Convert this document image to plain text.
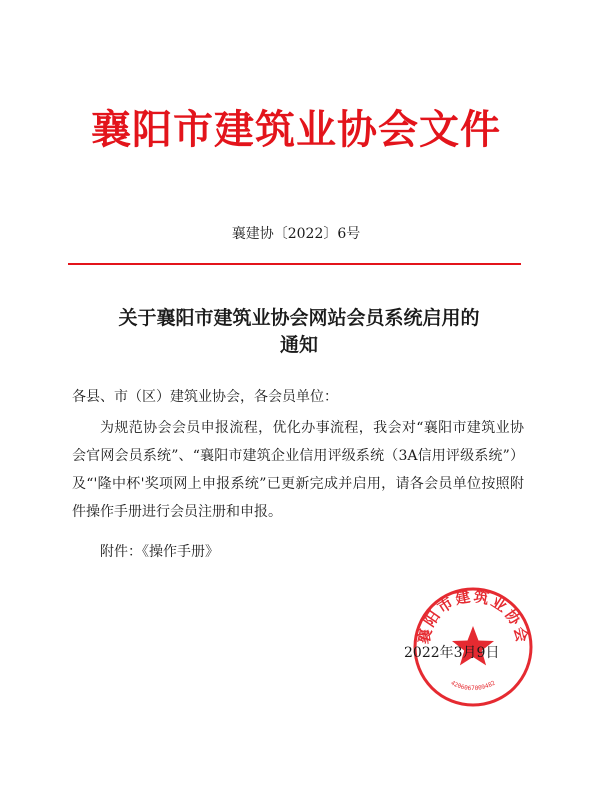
襄阳市建筑业协会文件
襄建协〔2022〕6号
关于襄阳市建筑业协会网站会员系统启用的
通知
各县、市（区）建筑业协会，各会员单位：
为规范协会会员申报流程，优化办事流程，我会对“襄阳市建筑业协会官网会员系统”、“襄阳市建筑企业信用评级系统（3A信用评级系统”）及“'隆中杯'奖项网上申报系统”已更新完成并启用，请各会员单位按照附件操作手册进行会员注册和申报。
附件：《操作手册》
襄阳市建筑业协会
4206067009482
2022年3月9日
